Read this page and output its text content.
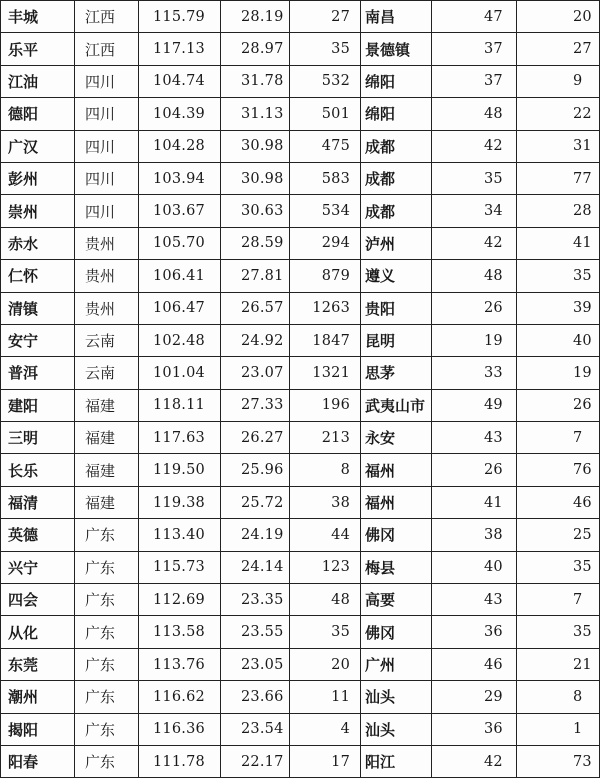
丰城	江西	115.79	28.19	27	南昌	47	20
乐平	江西	117.13	28.97	35	景德镇	37	27
江油	四川	104.74	31.78	532	绵阳	37	9
德阳	四川	104.39	31.13	501	绵阳	48	22
广汉	四川	104.28	30.98	475	成都	42	31
彭州	四川	103.94	30.98	583	成都	35	77
崇州	四川	103.67	30.63	534	成都	34	28
赤水	贵州	105.70	28.59	294	泸州	42	41
仁怀	贵州	106.41	27.81	879	遵义	48	35
清镇	贵州	106.47	26.57	1263	贵阳	26	39
安宁	云南	102.48	24.92	1847	昆明	19	40
普洱	云南	101.04	23.07	1321	思茅	33	19
建阳	福建	118.11	27.33	196	武夷山市	49	26
三明	福建	117.63	26.27	213	永安	43	7
长乐	福建	119.50	25.96	8	福州	26	76
福清	福建	119.38	25.72	38	福州	41	46
英德	广东	113.40	24.19	44	佛冈	38	25
兴宁	广东	115.73	24.14	123	梅县	40	35
四会	广东	112.69	23.35	48	高要	43	7
从化	广东	113.58	23.55	35	佛冈	36	35
东莞	广东	113.76	23.05	20	广州	46	21
潮州	广东	116.62	23.66	11	汕头	29	8
揭阳	广东	116.36	23.54	4	汕头	36	1
阳春	广东	111.78	22.17	17	阳江	42	73
